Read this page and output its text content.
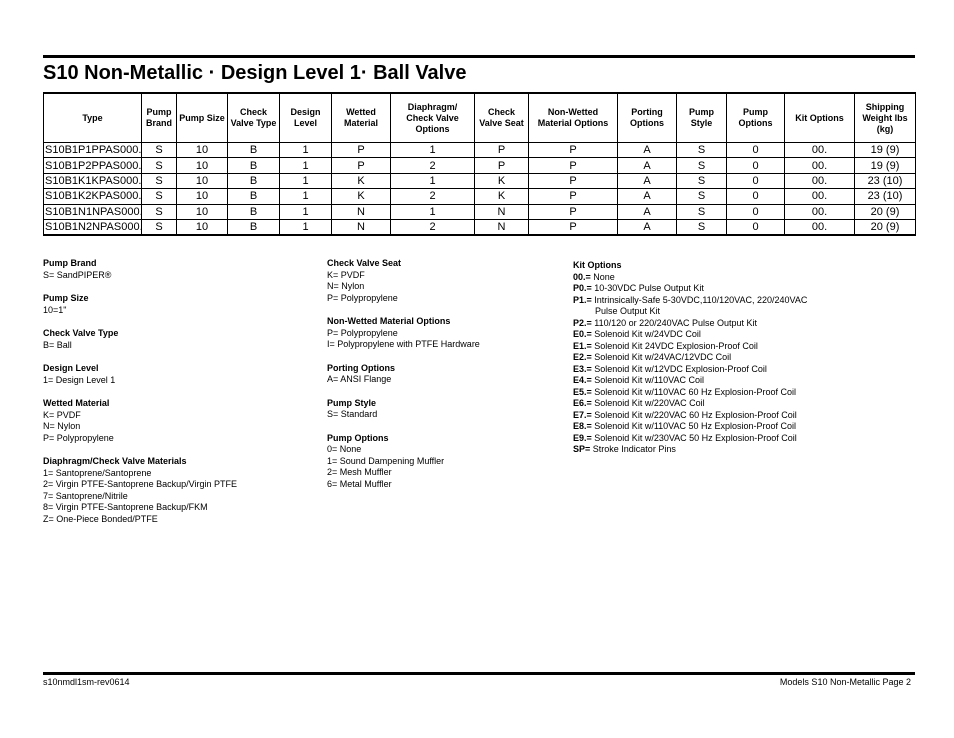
S10 Non-Metallic · Design Level 1· Ball Valve
Type	Pump Brand	Pump Size	Check Valve Type	Design Level	Wetted Material	Diaphragm/ Check Valve Options	Check Valve Seat	Non-Wetted Material Options	Porting Options	Pump Style	Pump Options	Kit Options	Shipping Weight lbs (kg)
S10B1P1PPAS000.	S	10	B	1	P	1	P	P	A	S	0	00.	19 (9)
S10B1P2PPAS000.	S	10	B	1	P	2	P	P	A	S	0	00.	19 (9)
S10B1K1KPAS000.	S	10	B	1	K	1	K	P	A	S	0	00.	23 (10)
S10B1K2KPAS000.	S	10	B	1	K	2	K	P	A	S	0	00.	23 (10)
S10B1N1NPAS000.	S	10	B	1	N	1	N	P	A	S	0	00.	20 (9)
S10B1N2NPAS000.	S	10	B	1	N	2	N	P	A	S	0	00.	20 (9)
Pump Brand
S= SandPIPER®
Pump Size
10=1"
Check Valve Type
B= Ball
Design Level
1= Design Level 1
Wetted Material
K= PVDF
N= Nylon
P= Polypropylene
Diaphragm/Check Valve Materials
1= Santoprene/Santoprene
2= Virgin PTFE-Santoprene Backup/Virgin PTFE
7= Santoprene/Nitrile
8= Virgin PTFE-Santoprene Backup/FKM
Z= One-Piece Bonded/PTFE
Check Valve Seat
K= PVDF
N= Nylon
P= Polypropylene
Non-Wetted Material Options
P= Polypropylene
I= Polypropylene with PTFE Hardware
Porting Options
A= ANSI Flange
Pump Style
S= Standard
Pump Options
0= None
1= Sound Dampening Muffler
2= Mesh Muffler
6= Metal Muffler
Kit Options
00.= None
P0.= 10-30VDC Pulse Output Kit
P1.= Intrinsically-Safe 5-30VDC,110/120VAC, 220/240VAC
Pulse Output Kit
P2.= 110/120 or 220/240VAC Pulse Output Kit
E0.= Solenoid Kit w/24VDC Coil
E1.= Solenoid Kit 24VDC Explosion-Proof Coil
E2.= Solenoid Kit w/24VAC/12VDC Coil
E3.= Solenoid Kit w/12VDC Explosion-Proof Coil
E4.= Solenoid Kit w/110VAC Coil
E5.= Solenoid Kit w/110VAC 60 Hz Explosion-Proof Coil
E6.= Solenoid Kit w/220VAC Coil
E7.= Solenoid Kit w/220VAC 60 Hz Explosion-Proof Coil
E8.= Solenoid Kit w/110VAC 50 Hz Explosion-Proof Coil
E9.= Solenoid Kit w/230VAC 50 Hz Explosion-Proof Coil
SP= Stroke Indicator Pins
s10nmdl1sm-rev0614	Models S10 Non-Metallic Page 2
